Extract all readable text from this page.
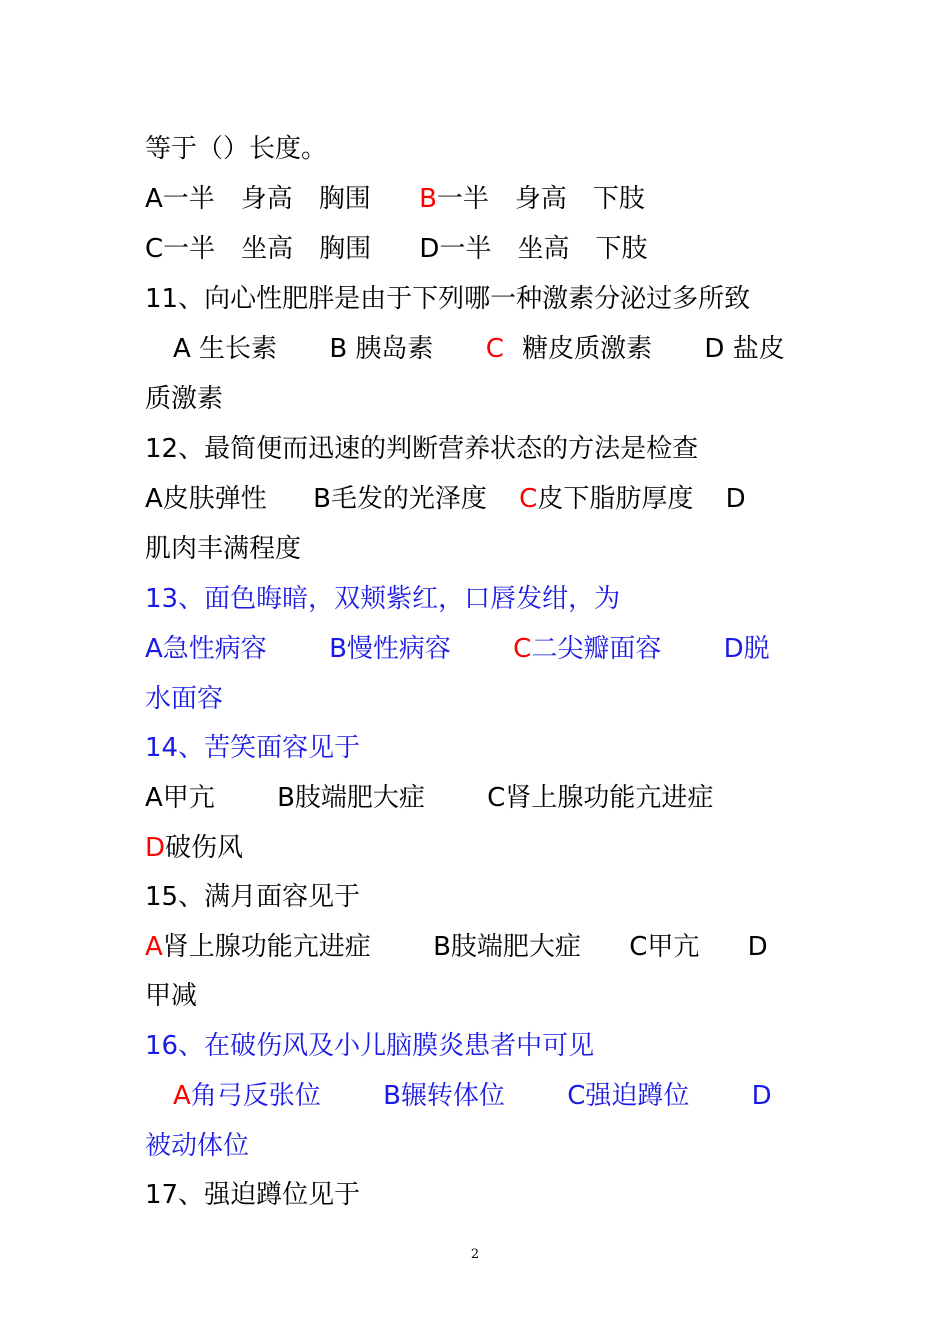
等于（）长度。
A一半　身高　胸围 B一半　身高　下肢
C一半　坐高　胸围 D一半　坐高　下肢
11、向心性肥胖是由于下列哪一种激素分泌过多所致
A 生长素 B 胰岛素 C 糖皮质激素 D 盐皮
质激素
12、最简便而迅速的判断营养状态的方法是检查
A皮肤弹性 B毛发的光泽度 C皮下脂肪厚度 D
肌肉丰满程度
13、面色晦暗，双颊紫红，口唇发绀，为
A急性病容 B慢性病容 C二尖瓣面容 D脱
水面容
14、苦笑面容见于
A甲亢 B肢端肥大症 C肾上腺功能亢进症
D破伤风
15、满月面容见于
A肾上腺功能亢进症 B肢端肥大症 C甲亢 D
甲减
16、在破伤风及小儿脑膜炎患者中可见
A角弓反张位 B辗转体位 C强迫蹲位 D
被动体位
17、强迫蹲位见于
2
